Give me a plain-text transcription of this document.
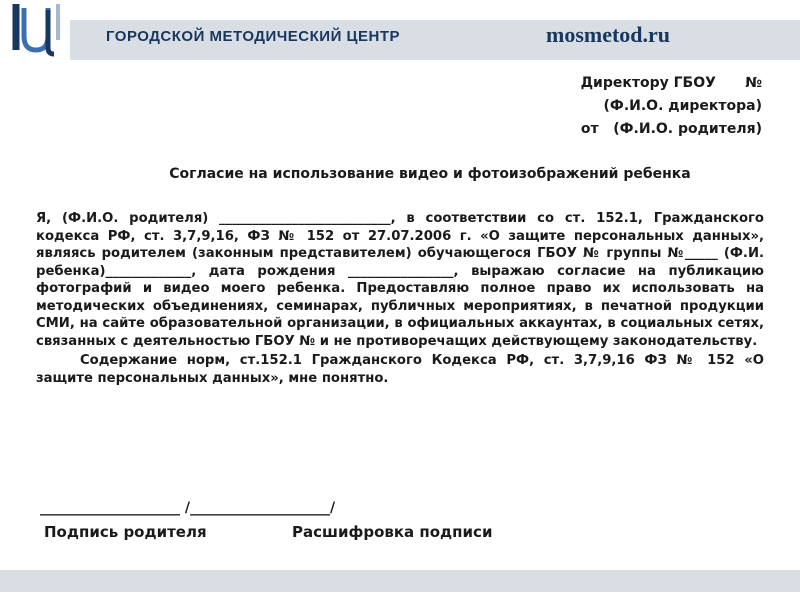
ГОРОДСКОЙ МЕТОДИЧЕСКИЙ ЦЕНТР	mosmetod.ru
Директору ГБОУ      №
(Ф.И.О. директора)
от   (Ф.И.О. родителя)
Согласие на использование видео и фотоизображений ребенка

Я, (Ф.И.О. родителя) __________________________, в соответствии со ст. 152.1, Гражданского кодекса РФ, ст. 3,7,9,16, ФЗ № 152 от 27.07.2006 г. «О защите персональных данных», являясь родителем (законным представителем) обучающегося ГБОУ № группы №_____ (Ф.И. ребенка)_____________, дата рождения ________________, выражаю согласие на публикацию фотографий и видео моего ребенка. Предоставляю полное право их использовать на методических объединениях, семинарах, публичных мероприятиях, в печатной продукции СМИ, на сайте образовательной организации, в официальных аккаунтах, в социальных сетях, связанных с деятельностью ГБОУ № и не противоречащих действующему законодательству.

Содержание норм, ст.152.1 Гражданского Кодекса РФ, ст. 3,7,9,16 ФЗ № 152 «О защите персональных данных», мне понятно.

____________________ /____________________/
Подпись родителя	Расшифровка подписи
